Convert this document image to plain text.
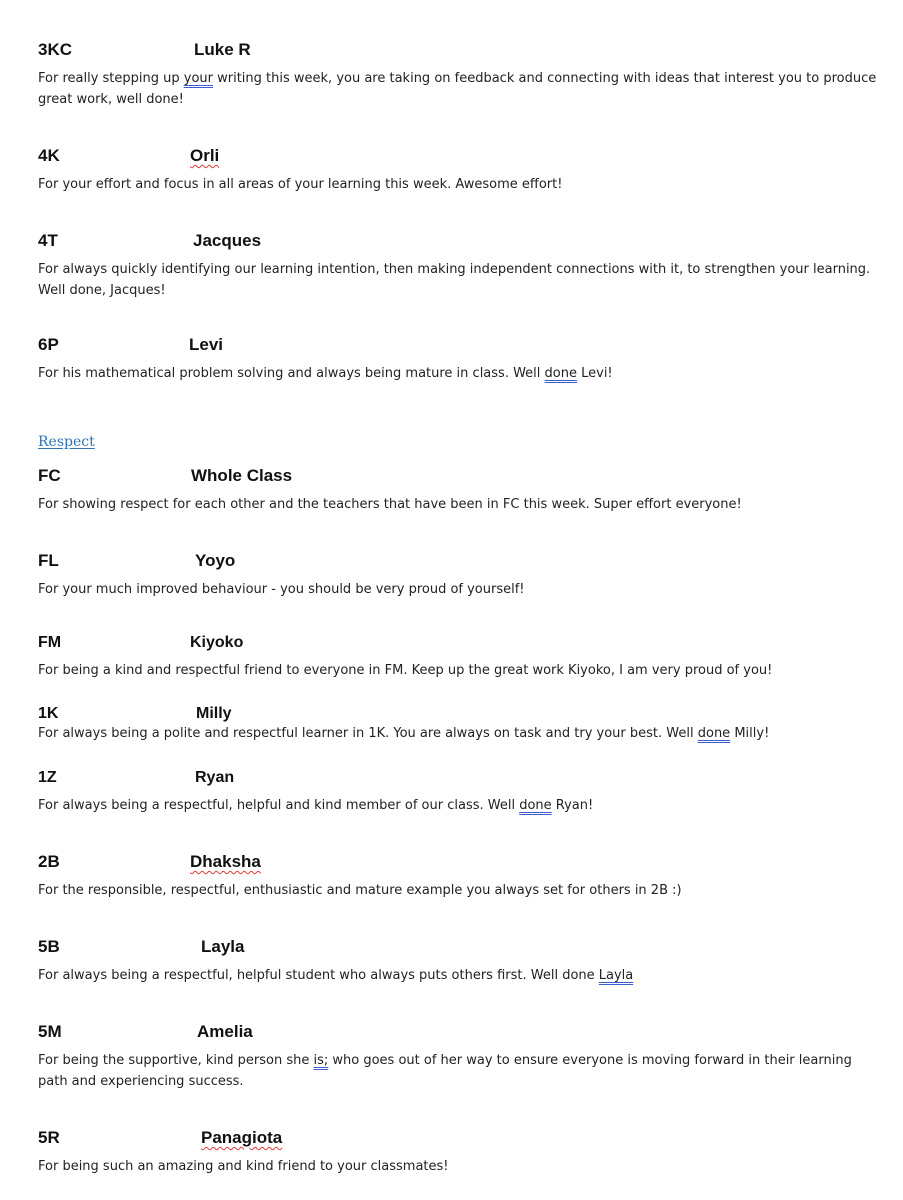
3KC	Luke R
For really stepping up your writing this week, you are taking on feedback and connecting with ideas that interest you to produce great work, well done!
4K	Orli
For your effort and focus in all areas of your learning this week. Awesome effort!
4T	Jacques
For always quickly identifying our learning intention, then making independent connections with it, to strengthen your learning. Well done, Jacques!
6P	Levi
For his mathematical problem solving and always being mature in class. Well done Levi!
Respect
FC	Whole Class
For showing respect for each other and the teachers that have been in FC this week. Super effort everyone!
FL	Yoyo
For your much improved behaviour - you should be very proud of yourself!
FM	Kiyoko
For being a kind and respectful friend to everyone in FM. Keep up the great work Kiyoko, I am very proud of you!
1K	Milly
For always being a polite and respectful learner in 1K. You are always on task and try your best. Well done Milly!
1Z	Ryan
For always being a respectful, helpful and kind member of our class. Well done Ryan!
2B	Dhaksha
For the responsible, respectful, enthusiastic and mature example you always set for others in 2B :)
5B	Layla
For always being a respectful, helpful student who always puts others first. Well done Layla
5M	Amelia
For being the supportive, kind person she is; who goes out of her way to ensure everyone is moving forward in their learning path and experiencing success.
5R	Panagiota
For being such an amazing and kind friend to your classmates!
